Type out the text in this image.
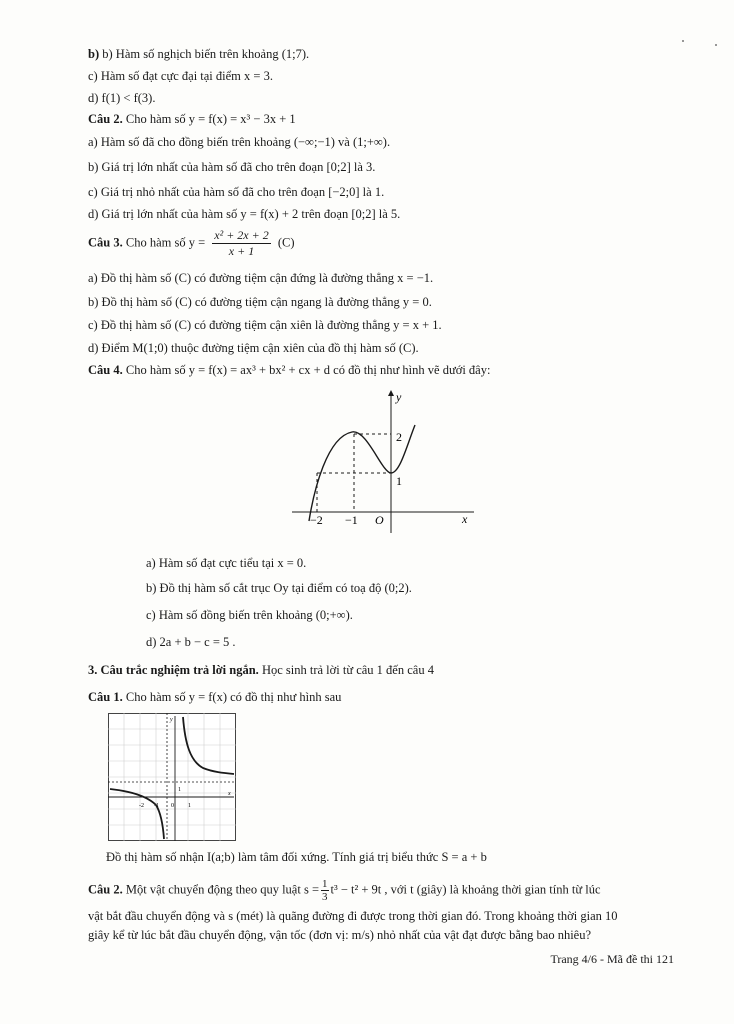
b) b) Hàm số nghịch biến trên khoảng (1;7).
c) Hàm số đạt cực đại tại điểm x = 3.
d) f(1) < f(3).
Câu 2. Cho hàm số y = f(x) = x³ − 3x + 1
a) Hàm số đã cho đồng biến trên khoảng (−∞;−1) và (1;+∞).
b) Giá trị lớn nhất của hàm số đã cho trên đoạn [0;2] là 3.
c) Giá trị nhỏ nhất của hàm số đã cho trên đoạn [−2;0] là 1.
d) Giá trị lớn nhất của hàm số y = f(x) + 2 trên đoạn [0;2] là 5.
Câu 3. Cho hàm số $y = \frac{\text{x² + 2x + 2}}{x + 1} (C)$
a) Đồ thị hàm số (C) có đường tiệm cận đứng là đường thẳng x = −1.
b) Đồ thị hàm số (C) có đường tiệm cận ngang là đường thẳng y = 0.
c) Đồ thị hàm số (C) có đường tiệm cận xiên là đường thẳng y = x + 1.
d) Điểm M(1;0) thuộc đường tiệm cận xiên của đồ thị hàm số (C).
Câu 4. Cho hàm số y = f(x) = ax³ + bx² + cx + d có đồ thị như hình vẽ dưới đây:
y
x
2
1
−2 −1 O
a) Hàm số đạt cực tiểu tại x = 0.
b) Đồ thị hàm số cắt trục Oy tại điểm có toạ độ (0;2).
c) Hàm số đồng biến trên khoảng (0;+∞).
d) 2a + b − c = 5 .
3. Câu trắc nghiệm trả lời ngắn. Học sinh trả lời từ câu 1 đến câu 4
Câu 1. Cho hàm số y = f(x) có đồ thị như hình sau
y
x
-2 -1 0 1
1
Đồ thị hàm số nhận I(a;b) làm tâm đối xứng. Tính giá trị biểu thức S = a + b
Câu 2. Một vật chuyển động theo quy luật $s = \frac{1}{3} t^3 - t^2 + 9t$ , với t (giây) là khoảng thời gian tính từ lúc
vật bắt đầu chuyển động và s (mét) là quãng đường đi được trong thời gian đó. Trong khoảng thời gian 10
giây kể từ lúc bắt đầu chuyển động, vận tốc (đơn vị: m/s) nhỏ nhất của vật đạt được bằng bao nhiêu?
Trang 4/6 - Mã đề thi 121
